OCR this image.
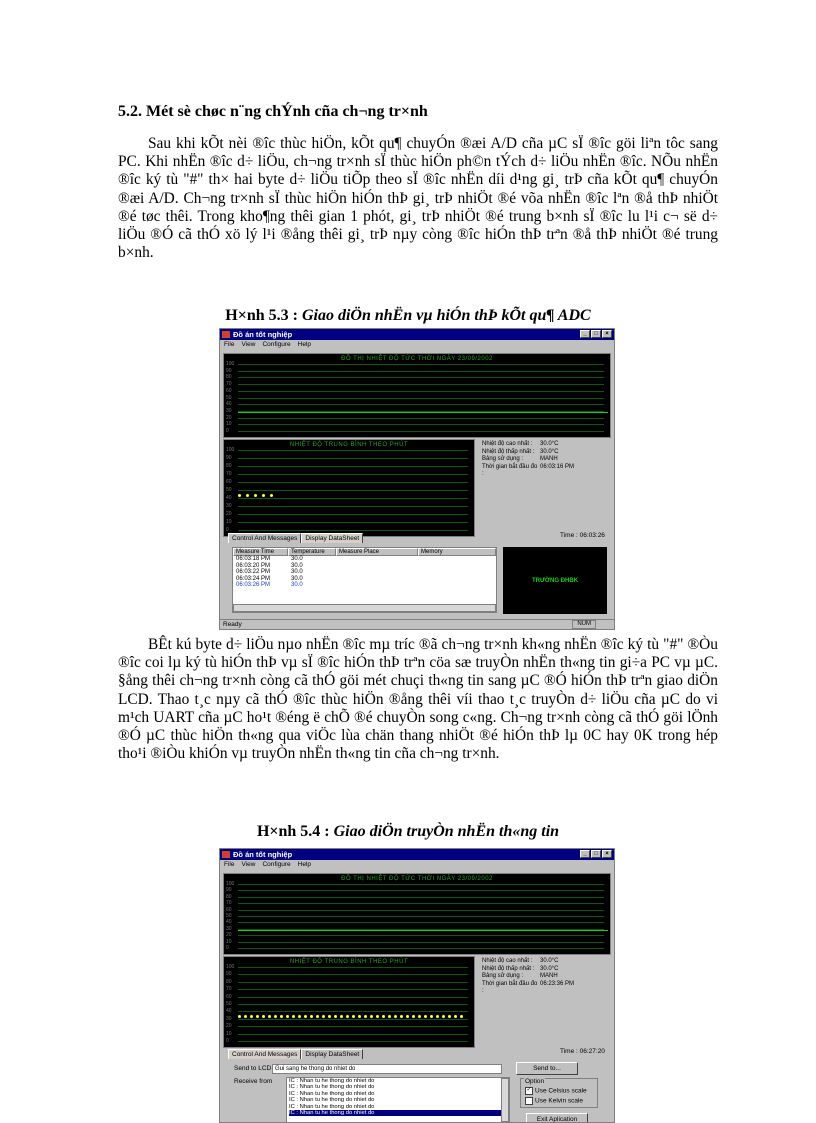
5.2. Mét sè chøc n¨ng chÝnh cña ch¬ng tr×nh

Sau khi kÕt nèi ®îc thùc hiÖn, kÕt qu¶ chuyÓn ®æi A/D cña µC sÏ ®îc göi liªn tôc sang PC. Khi nhËn ®îc d÷ liÖu, ch¬ng tr×nh sÏ thùc hiÖn ph©n tÝch d÷ liÖu nhËn ®îc. NÕu nhËn ®îc ký tù "#" th× hai byte d÷ liÖu tiÕp theo sÏ ®îc nhËn díi d¹ng gi¸ trÞ cña kÕt qu¶ chuyÓn ®æi A/D. Ch¬ng tr×nh sÏ thùc hiÖn hiÓn thÞ gi¸ trÞ nhiÖt ®é võa nhËn ®îc lªn ®å thÞ nhiÖt ®é tøc thêi. Trong kho¶ng thêi gian 1 phót, gi¸ trÞ nhiÖt ®é trung b×nh sÏ ®îc lu l¹i c¬ së d÷ liÖu ®Ó cã thÓ xö lý l¹i ®ång thêi gi¸ trÞ nµy còng ®îc hiÓn thÞ trªn ®å thÞ nhiÖt ®é trung b×nh.

H×nh 5.3 : Giao diÖn nhËn vµ hiÓn thÞ kÕt qu¶ ADC
Đồ án tốt nghiệp	_	□	×
File View Configure Help
ĐỒ THỊ NHIỆT ĐỘ TỨC THỜI NGÀY 23/09/2002
100
90
80
70
60
50
40
30
20
10
0
NHIỆT ĐỘ TRUNG BÌNH THEO PHÚT
100
90
80
70
60
50
40
30
20
10
0
Nhiệt độ cao nhất :	30.0°C
Nhiệt độ thấp nhất : 30.0°C
Bảng sử dụng :	MANH
Thời gian bắt đầu đo :
06:03:16 PM
Control And Messages	Display DataSheet	Time : 06:03:26
Measure Time	Temperature	Measure Place	Memory
06:03:18 PM	30.0
06:03:20 PM	30.0
06:03:22 PM	30.0
06:03:24 PM	30.0
06:03:26 PM	30.0
TRƯỜNG ĐHBK
Ready	NUM

BÊt kú byte d÷ liÖu nµo nhËn ®îc mµ tríc ®ã ch¬ng tr×nh kh«ng nhËn ®îc ký tù "#" ®Òu ®îc coi lµ ký tù hiÓn thÞ vµ sÏ ®îc hiÓn thÞ trªn cöa sæ truyÒn nhËn th«ng tin gi÷a PC vµ µC. §ång thêi ch¬ng tr×nh còng cã thÓ göi mét chuçi th«ng tin sang µC ®Ó hiÓn thÞ trªn giao diÖn LCD. Thao t¸c nµy cã thÓ ®îc thùc hiÖn ®ång thêi víi thao t¸c truyÒn d÷ liÖu cña µC do vi m¹ch UART cña µC ho¹t ®éng ë chÕ ®é chuyÒn song c«ng. Ch¬ng tr×nh còng cã thÓ göi lÖnh ®Ó µC thùc hiÖn th«ng qua viÖc lùa chän thang nhiÖt ®é hiÓn thÞ lµ 0C hay 0K trong hép tho¹i ®iÒu khiÓn vµ truyÒn nhËn th«ng tin cña ch¬ng tr×nh.

H×nh 5.4 : Giao diÖn truyÒn nhËn th«ng tin
Đồ án tốt nghiệp	_	□	×
File View Configure Help
ĐỒ THỊ NHIỆT ĐỘ TỨC THỜI NGÀY 23/09/2002
100
90
80
70
60
50
40
30
20
10
0
NHIỆT ĐỘ TRUNG BÌNH THEO PHÚT
100
90
80
70
60
50
40
30
20
10
0
Nhiệt độ cao nhất :	30.0°C
Nhiệt độ thấp nhất : 30.0°C
Bảng sử dụng :	MANH
Thời gian bắt đầu đo :
06:23:36 PM
Control And Messages	Display DataSheet	Time : 06:27:20
Send to LCD Gui sang he thong do nhiet do	Send to...
Receive from	IC : Nhan tu he thong do nhiet do
IC : Nhan tu he thong do nhiet do
IC : Nhan tu he thong do nhiet do
IC : Nhan tu he thong do nhiet do
IC : Nhan tu he thong do nhiet do
IC : Nhan tu he thong do nhiet do
Option
✓ Use Celsius scale
Use Kelvin scale
Exit Aplication
